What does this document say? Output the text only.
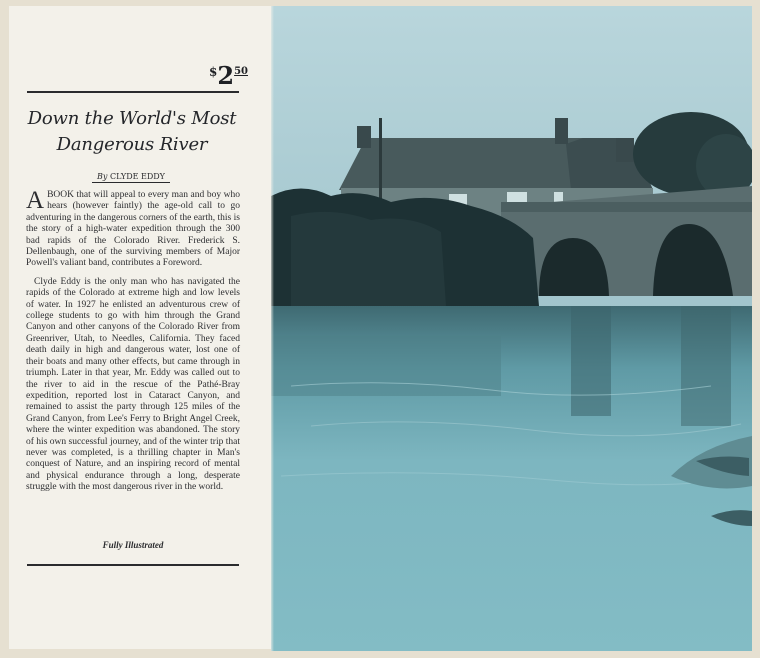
$^{\$}2^{50}$
Down the World's Most
Dangerous River
By CLYDE EDDY

ABOOK that will appeal to every man and boy who hears (however faintly) the age-old call to go adventuring in the dangerous corners of the earth, this is the story of a high-water expedition through the 300 bad rapids of the Colorado River. Frederick S. Dellenbaugh, one of the surviving members of Major Powell's valiant band, contributes a Foreword.

Clyde Eddy is the only man who has navigated the rapids of the Colorado at extreme high and low levels of water. In 1927 he enlisted an adventurous crew of college students to go with him through the Grand Canyon and other canyons of the Colorado River from Greenriver, Utah, to Needles, California. They faced death daily in high and dangerous water, lost one of their boats and many other effects, but came through in triumph. Later in that year, Mr. Eddy was called out to the river to aid in the rescue of the Pathé-Bray expedition, reported lost in Cataract Canyon, and remained to assist the party through 125 miles of the Grand Canyon, from Lee's Ferry to Bright Angel Creek, where the winter expedition was abandoned. The story of his own successful journey, and of the winter trip that never was completed, is a thrilling chapter in Man's conquest of Nature, and an inspiring record of mental and physical endurance through a long, desperate struggle with the most dangerous river in the world.

Fully Illustrated
